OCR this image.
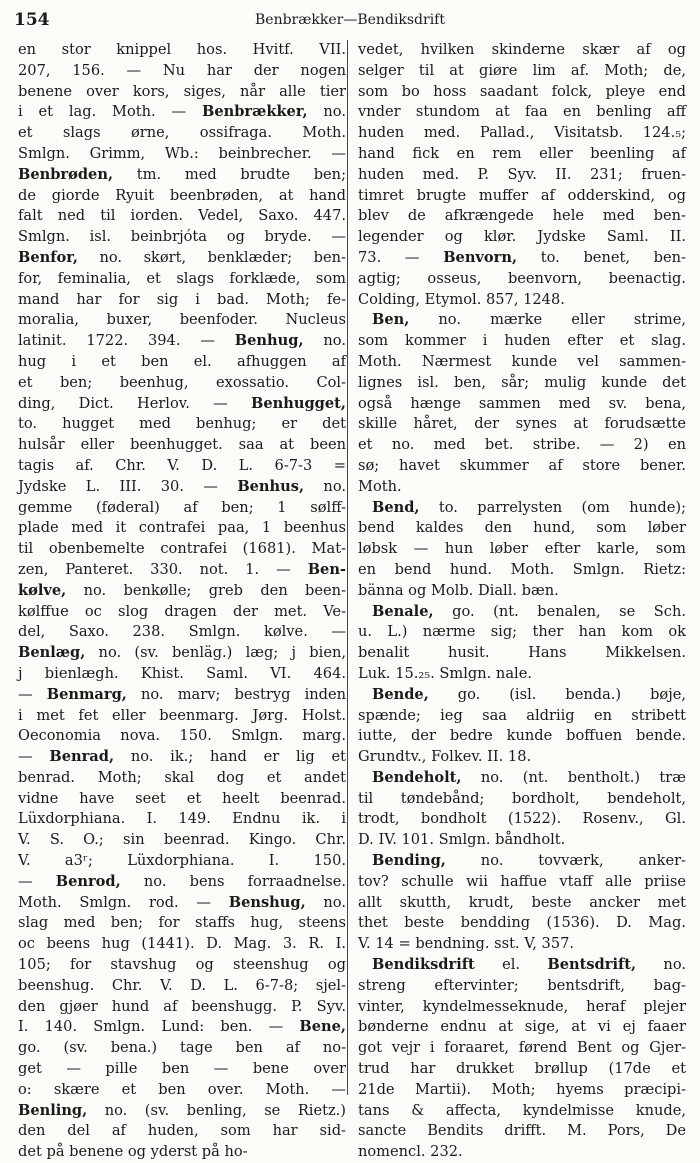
154	Benbrækker—Bendiksdrift
en stor knippel hos. Hvitf. VII.
207, 156. — Nu har der nogen
benene over kors, siges, når alle tier
i et lag. Moth. — Benbrækker, no.
et slags ørne, ossifraga. Moth.
Smlgn. Grimm, Wb.: beinbrecher. —
Benbrøden, tm. med brudte ben;
de giorde Ryuit beenbrøden, at hand
falt ned til iorden. Vedel, Saxo. 447.
Smlgn. isl. beinbrjóta og bryde. —
Benfor, no. skørt, benklæder; ben-
for, feminalia, et slags forklæde, som
mand har for sig i bad. Moth; fe-
moralia, buxer, beenfoder. Nucleus
latinit. 1722. 394. — Benhug, no.
hug i et ben el. afhuggen af
et ben; beenhug, exossatio. Col-
ding, Dict. Herlov. — Benhugget,
to. hugget med benhug; er det
hulsår eller beenhugget. saa at been
tagis af. Chr. V. D. L. 6-7-3 =
Jydske L. III. 30. — Benhus, no.
gemme (føderal) af ben; 1 sølff-
plade med it contrafei paa, 1 beenhus
til obenbemelte contrafei (1681). Mat-
zen, Panteret. 330. not. 1. — Ben-
kølve, no. benkølle; greb den been-
kølffue oc slog dragen der met. Ve-
del, Saxo. 238. Smlgn. kølve. —
Benlæg, no. (sv. benläg.) læg; j bien,
j bienlægh. Khist. Saml. VI. 464.
— Benmarg, no. marv; bestryg inden
i met fet eller beenmarg. Jørg. Holst.
Oeconomia nova. 150. Smlgn. marg.
— Benrad, no. ik.; hand er lig et
benrad. Moth; skal dog et andet
vidne have seet et heelt beenrad.
Lüxdorphiana. I. 149. Endnu ik. i
V. S. O.; sin beenrad. Kingo. Chr.
V. a3ʳ; Lüxdorphiana. I. 150.
— Benrod, no. bens forraadnelse.
Moth. Smlgn. rod. — Benshug, no.
slag med ben; for staffs hug, steens
oc beens hug (1441). D. Mag. 3. R. I.
105; for stavshug og steenshug og
beenshug. Chr. V. D. L. 6-7-8; sjel-
den gjøer hund af beenshugg. P. Syv.
I. 140. Smlgn. Lund: ben. — Bene,
go. (sv. bena.) tage ben af no-
get — pille ben — bene over
o: skære et ben over. Moth. —
Benling, no. (sv. benling, se Rietz.)
den del af huden, som har sid-
det på benene og yderst på ho-
vedet, hvilken skinderne skær af og
selger til at giøre lim af. Moth; de,
som bo hoss saadant folck, pleye end
vnder stundom at faa en benling aff
huden med. Pallad., Visitatsb. 124.₅;
hand fick en rem eller beenling af
huden med. P. Syv. II. 231; fruen-
timret brugte muffer af odderskind, og
blev de afkrængede hele med ben-
legender og klør. Jydske Saml. II.
73. — Benvorn, to. benet, ben-
agtig; osseus, beenvorn, beenactig.
Colding, Etymol. 857, 1248.
Ben, no. mærke eller strime,
som kommer i huden efter et slag.
Moth. Nærmest kunde vel sammen-
lignes isl. ben, sår; mulig kunde det
også hænge sammen med sv. bena,
skille håret, der synes at forudsætte
et no. med bet. stribe. — 2) en
sø; havet skummer af store bener.
Moth.
Bend, to. parrelysten (om hunde);
bend kaldes den hund, som løber
løbsk — hun løber efter karle, som
en bend hund. Moth. Smlgn. Rietz:
bänna og Molb. Diall. bæn.
Benale, go. (nt. benalen, se Sch.
u. L.) nærme sig; ther han kom ok
benalit husit. Hans Mikkelsen.
Luk. 15.₂₅. Smlgn. nale.
Bende, go. (isl. benda.) bøje,
spænde; ieg saa aldriig en stribett
iutte, der bedre kunde boffuen bende.
Grundtv., Folkev. II. 18.
Bendeholt, no. (nt. bentholt.) træ
til tøndebånd; bordholt, bendeholt,
trodt, bondholt (1522). Rosenv., Gl.
D. IV. 101. Smlgn. båndholt.
Bending, no. tovværk, anker-
tov? schulle wii haffue vtaff alle priise
allt skutth, krudt, beste ancker met
thet beste bendding (1536). D. Mag.
V. 14 = bendning. sst. V, 357.
Bendiksdrift el. Bentsdrift, no.
streng eftervinter; bentsdrift, bag-
vinter, kyndelmesseknude, heraf plejer
bønderne endnu at sige, at vi ej faaer
got vejr i foraaret, førend Bent og Gjer-
trud har drukket brøllup (17de et
21de Martii). Moth; hyems præcipi-
tans & affecta, kyndelmisse knude,
sancte Bendits drifft. M. Pors, De
nomencl. 232.
